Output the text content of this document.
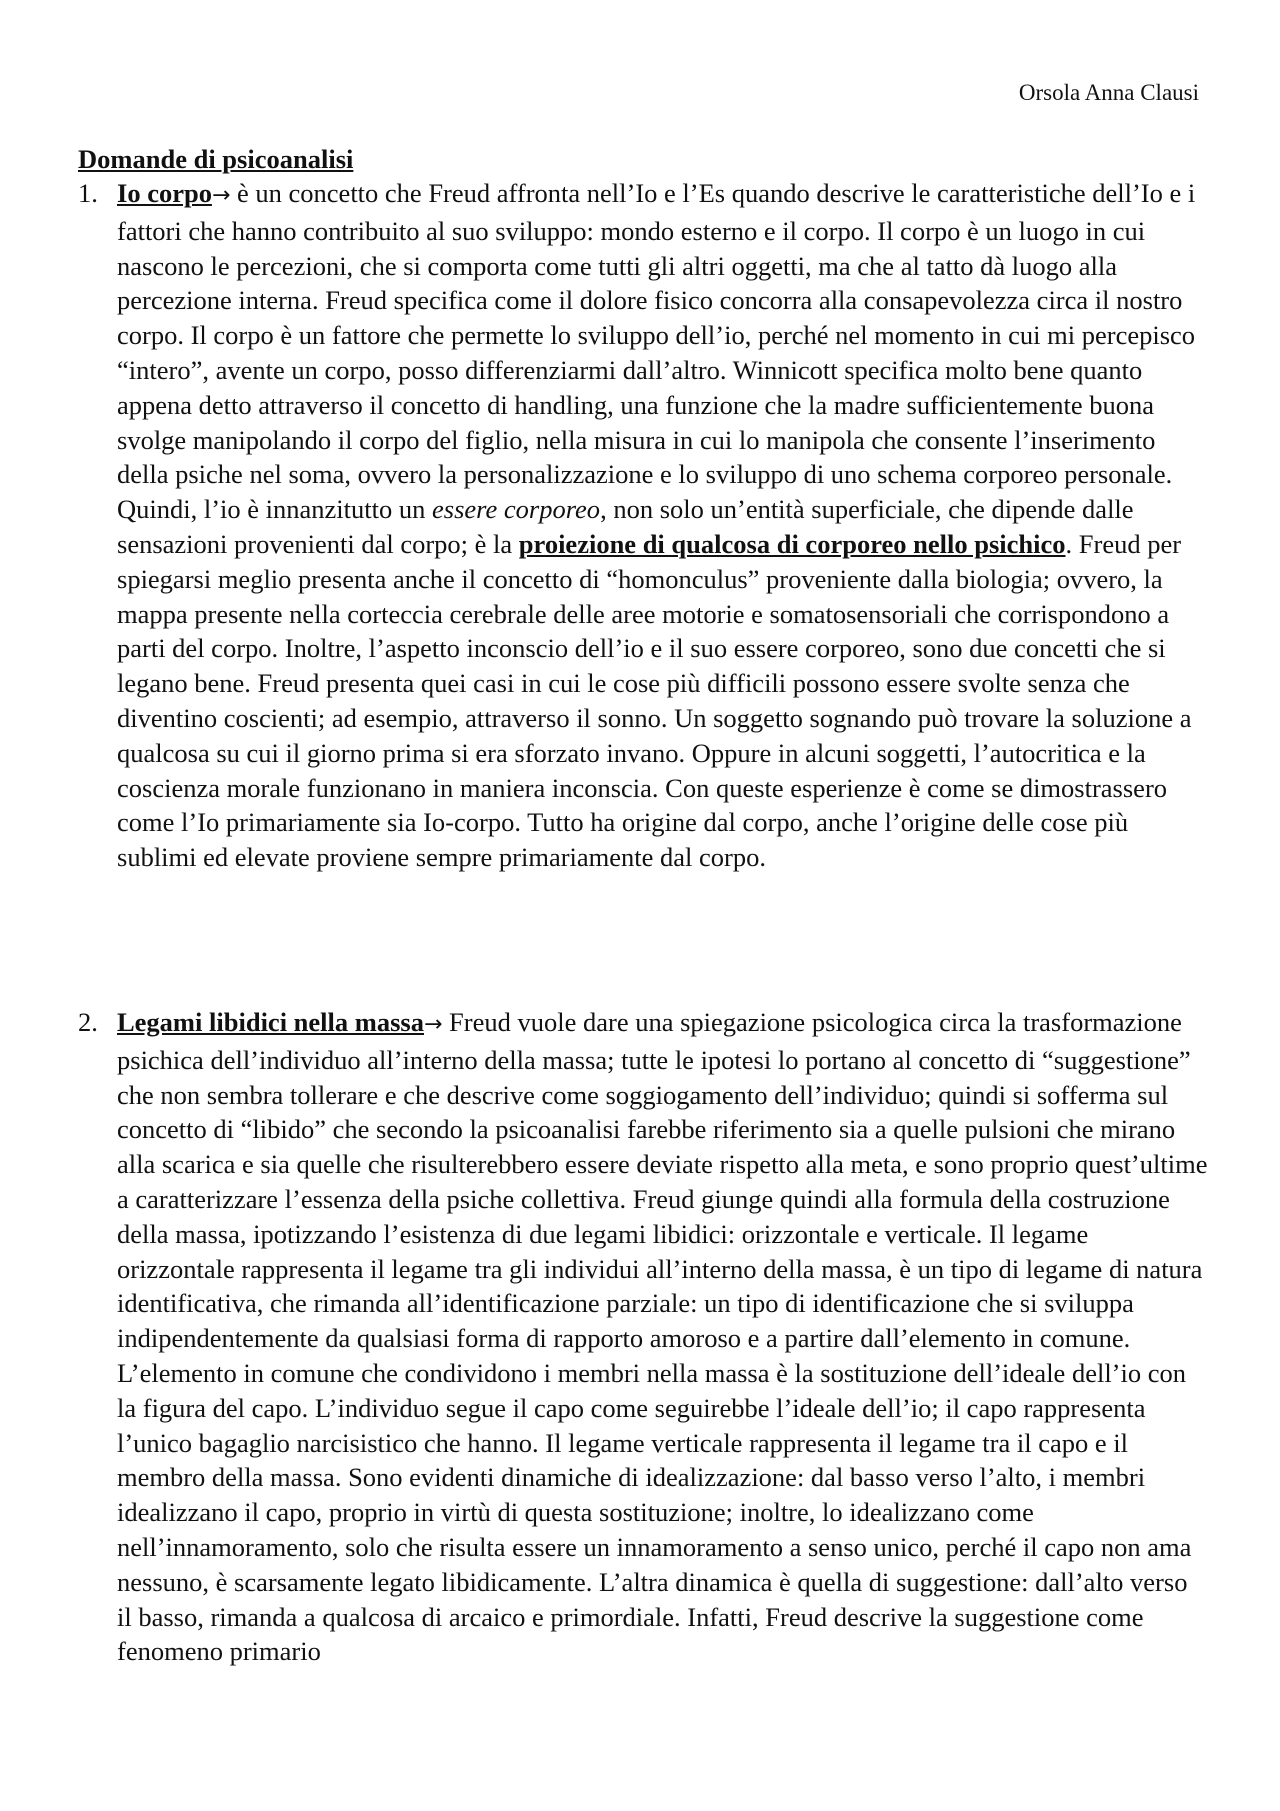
Orsola Anna Clausi
Domande di psicoanalisi
1. Io corpo→ è un concetto che Freud affronta nell’Io e l’Es quando descrive le caratteristiche dell’Io e i fattori che hanno contribuito al suo sviluppo: mondo esterno e il corpo. Il corpo è un luogo in cui nascono le percezioni, che si comporta come tutti gli altri oggetti, ma che al tatto dà luogo alla percezione interna. Freud specifica come il dolore fisico concorra alla consapevolezza circa il nostro corpo. Il corpo è un fattore che permette lo sviluppo dell’io, perché nel momento in cui mi percepisco “intero”, avente un corpo, posso differenziarmi dall’altro. Winnicott specifica molto bene quanto appena detto attraverso il concetto di handling, una funzione che la madre sufficientemente buona svolge manipolando il corpo del figlio, nella misura in cui lo manipola che consente l’inserimento della psiche nel soma, ovvero la personalizzazione e lo sviluppo di uno schema corporeo personale. Quindi, l’io è innanzitutto un essere corporeo, non solo un’entità superficiale, che dipende dalle sensazioni provenienti dal corpo; è la proiezione di qualcosa di corporeo nello psichico. Freud per spiegarsi meglio presenta anche il concetto di “homonculus” proveniente dalla biologia; ovvero, la mappa presente nella corteccia cerebrale delle aree motorie e somatosensoriali che corrispondono a parti del corpo. Inoltre, l’aspetto inconscio dell’io e il suo essere corporeo, sono due concetti che si legano bene. Freud presenta quei casi in cui le cose più difficili possono essere svolte senza che diventino coscienti; ad esempio, attraverso il sonno. Un soggetto sognando può trovare la soluzione a qualcosa su cui il giorno prima si era sforzato invano. Oppure in alcuni soggetti, l’autocritica e la coscienza morale funzionano in maniera inconscia. Con queste esperienze è come se dimostrassero come l’Io primariamente sia Io-corpo. Tutto ha origine dal corpo, anche l’origine delle cose più sublimi ed elevate proviene sempre primariamente dal corpo.

2. Legami libidici nella massa→ Freud vuole dare una spiegazione psicologica circa la trasformazione psichica dell’individuo all’interno della massa; tutte le ipotesi lo portano al concetto di “suggestione” che non sembra tollerare e che descrive come soggiogamento dell’individuo; quindi si sofferma sul concetto di “libido” che secondo la psicoanalisi farebbe riferimento sia a quelle pulsioni che mirano alla scarica e sia quelle che risulterebbero essere deviate rispetto alla meta, e sono proprio quest’ultime a caratterizzare l’essenza della psiche collettiva. Freud giunge quindi alla formula della costruzione della massa, ipotizzando l’esistenza di due legami libidici: orizzontale e verticale. Il legame orizzontale rappresenta il legame tra gli individui all’interno della massa, è un tipo di legame di natura identificativa, che rimanda all’identificazione parziale: un tipo di identificazione che si sviluppa indipendentemente da qualsiasi forma di rapporto amoroso e a partire dall’elemento in comune. L’elemento in comune che condividono i membri nella massa è la sostituzione dell’ideale dell’io con la figura del capo. L’individuo segue il capo come seguirebbe l’ideale dell’io; il capo rappresenta l’unico bagaglio narcisistico che hanno. Il legame verticale rappresenta il legame tra il capo e il membro della massa. Sono evidenti dinamiche di idealizzazione: dal basso verso l’alto, i membri idealizzano il capo, proprio in virtù di questa sostituzione; inoltre, lo idealizzano come nell’innamoramento, solo che risulta essere un innamoramento a senso unico, perché il capo non ama nessuno, è scarsamente legato libidicamente. L’altra dinamica è quella di suggestione: dall’alto verso il basso, rimanda a qualcosa di arcaico e primordiale. Infatti, Freud descrive la suggestione come fenomeno primario
